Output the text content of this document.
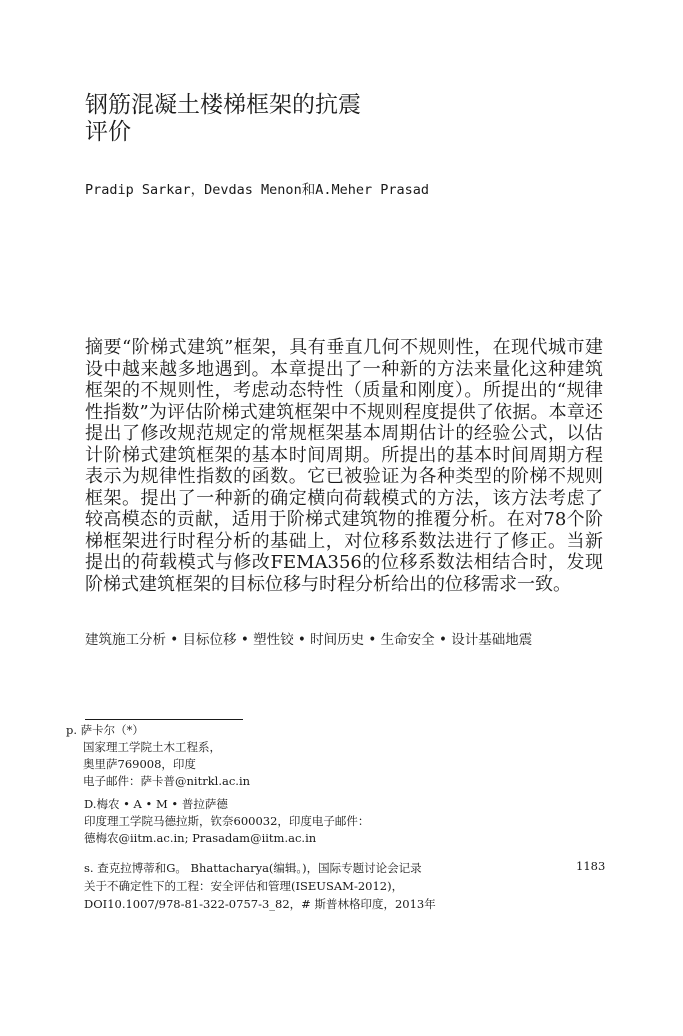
钢筋混凝土楼梯框架的抗震
评价
Pradip Sarkar，Devdas Menon和A.Meher Prasad
摘要“阶梯式建筑”框架，具有垂直几何不规则性，在现代城市建设中越来越多地遇到。本章提出了一种新的方法来量化这种建筑框架的不规则性，考虑动态特性（质量和刚度）。所提出的“规律性指数”为评估阶梯式建筑框架中不规则程度提供了依据。本章还提出了修改规范规定的常规框架基本周期估计的经验公式，以估计阶梯式建筑框架的基本时间周期。所提出的基本时间周期方程表示为规律性指数的函数。它已被验证为各种类型的阶梯不规则框架。提出了一种新的确定横向荷载模式的方法，该方法考虑了较高模态的贡献，适用于阶梯式建筑物的推覆分析。在对78个阶梯框架进行时程分析的基础上，对位移系数法进行了修正。当新提出的荷载模式与修改FEMA356的位移系数法相结合时，发现阶梯式建筑框架的目标位移与时程分析给出的位移需求一致。
建筑施工分析 • 目标位移 • 塑性铰 • 时间历史 • 生命安全 • 设计基础地震
p. 萨卡尔（*）
国家理工学院土木工程系，
奥里萨769008，印度
电子邮件：萨卡普@nitrkl.ac.in
D.梅农 • A • M • 普拉萨德
印度理工学院马德拉斯，钦奈600032，印度电子邮件：
德梅农@iitm.ac.in; Prasadam@iitm.ac.in
s. 查克拉博蒂和G。 Bhattacharya(编辑。)，国际专题讨论会记录
关于不确定性下的工程：安全评估和管理(ISEUSAM-2012)，
DOI10.1007/978-81-322-0757-3_82，# 斯普林格印度，2013年
1183
